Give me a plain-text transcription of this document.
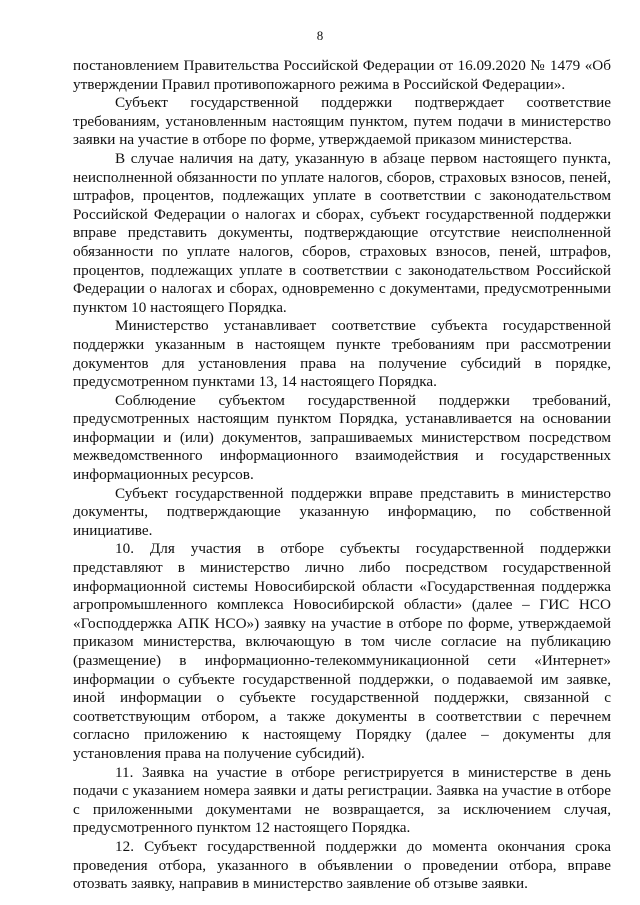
8

постановлением Правительства Российской Федерации от 16.09.2020 № 1479 «Об утверждении Правил противопожарного режима в Российской Федерации».

Субъект государственной поддержки подтверждает соответствие требованиям, установленным настоящим пунктом, путем подачи в министерство заявки на участие в отборе по форме, утверждаемой приказом министерства.

В случае наличия на дату, указанную в абзаце первом настоящего пункта, неисполненной обязанности по уплате налогов, сборов, страховых взносов, пеней, штрафов, процентов, подлежащих уплате в соответствии с законодательством Российской Федерации о налогах и сборах, субъект государственной поддержки вправе представить документы, подтверждающие отсутствие неисполненной обязанности по уплате налогов, сборов, страховых взносов, пеней, штрафов, процентов, подлежащих уплате в соответствии с законодательством Российской Федерации о налогах и сборах, одновременно с документами, предусмотренными пунктом 10 настоящего Порядка.

Министерство устанавливает соответствие субъекта государственной поддержки указанным в настоящем пункте требованиям при рассмотрении документов для установления права на получение субсидий в порядке, предусмотренном пунктами 13, 14 настоящего Порядка.

Соблюдение субъектом государственной поддержки требований, предусмотренных настоящим пунктом Порядка, устанавливается на основании информации и (или) документов, запрашиваемых министерством посредством межведомственного информационного взаимодействия и государственных информационных ресурсов.

Субъект государственной поддержки вправе представить в министерство документы, подтверждающие указанную информацию, по собственной инициативе.

10. Для участия в отборе субъекты государственной поддержки представляют в министерство лично либо посредством государственной информационной системы Новосибирской области «Государственная поддержка агропромышленного комплекса Новосибирской области» (далее – ГИС НСО «Господдержка АПК НСО») заявку на участие в отборе по форме, утверждаемой приказом министерства, включающую в том числе согласие на публикацию (размещение) в информационно-телекоммуникационной сети «Интернет» информации о субъекте государственной поддержки, о подаваемой им заявке, иной информации о субъекте государственной поддержки, связанной с соответствующим отбором, а также документы в соответствии с перечнем согласно приложению к настоящему Порядку (далее – документы для установления права на получение субсидий).

11. Заявка на участие в отборе регистрируется в министерстве в день подачи с указанием номера заявки и даты регистрации. Заявка на участие в отборе с приложенными документами не возвращается, за исключением случая, предусмотренного пунктом 12 настоящего Порядка.

12. Субъект государственной поддержки до момента окончания срока проведения отбора, указанного в объявлении о проведении отбора, вправе отозвать заявку, направив в министерство заявление об отзыве заявки.
